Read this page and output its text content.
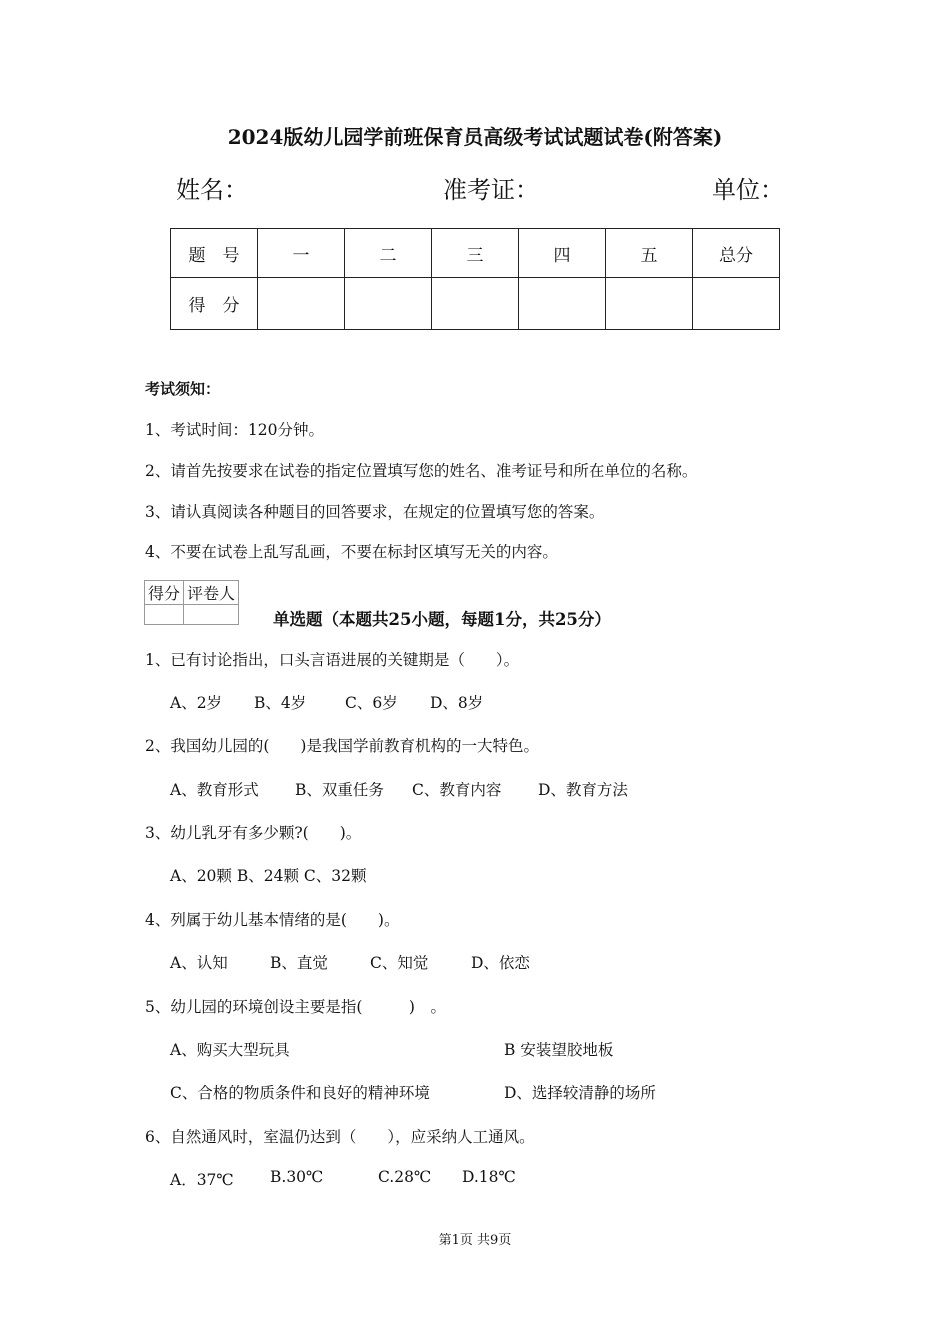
2024版幼儿园学前班保育员高级考试试题试卷(附答案)
姓名：	准考证：	单位：
题　号	一	二	三	四	五	总分
得　分						
考试须知：
1、考试时间：120分钟。
2、请首先按要求在试卷的指定位置填写您的姓名、准考证号和所在单位的名称。
3、请认真阅读各种题目的回答要求，在规定的位置填写您的答案。
4、不要在试卷上乱写乱画，不要在标封区填写无关的内容。
得分	评卷人

单选题（本题共25小题，每题1分，共25分）
1、已有讨论指出，口头言语进展的关键期是（　　）。
A、2岁 B、4岁 C、6岁 D、8岁
2、我国幼儿园的(　　)是我国学前教育机构的一大特色。
A、教育形式 B、双重任务 C、教育内容 D、教育方法
3、幼儿乳牙有多少颗?(　　)。
A、20颗 B、24颗 C、32颗
4、列属于幼儿基本情绪的是(　　)。
A、认知	B、直觉	C、知觉	D、依恋
5、幼儿园的环境创设主要是指(　　　)　。
A、购买大型玩具	B 安装望胶地板
C、合格的物质条件和良好的精神环境	D、选择较清静的场所
6、自然通风时，室温仍达到（　　），应采纳人工通风。
A．37℃ B.30℃	C.28℃ D.18℃
第1页 共9页
